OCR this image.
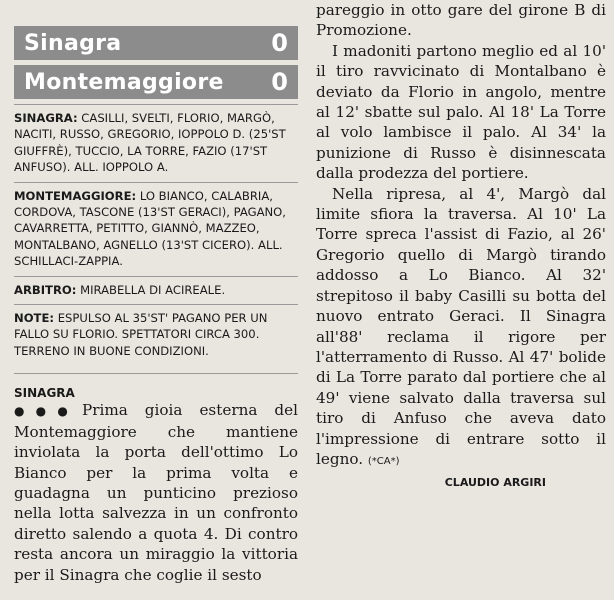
Sinagra	0
Montemaggiore 0
SINAGRA: CASILLI, SVELTI, FLORIO, MARGÒ, NACITI, RUSSO, GREGORIO, IOPPOLO D. (25'ST GIUFFRÈ), TUCCIO, LA TORRE, FAZIO (17'ST ANFUSO). ALL. IOPPOLO A.
MONTEMAGGIORE: LO BIANCO, CALABRIA, CORDOVA, TASCONE (13'ST GERACI), PAGANO, CAVARRETTA, PETITTO, GIANNÒ, MAZZEO, MONTALBANO, AGNELLO (13'ST CICERO). ALL. SCHILLACI-ZAPPIA.
ARBITRO: MIRABELLA DI ACIREALE.
NOTE: ESPULSO AL 35'ST' PAGANO PER UN FALLO SU FLORIO. SPETTATORI CIRCA 300. TERRENO IN BUONE CONDIZIONI.
SINAGRA

●●● Prima gioia esterna del Montemaggiore che mantiene inviolata la porta dell'ottimo Lo Bianco per la prima volta e guadagna un punticino prezioso nella lotta salvezza in un confronto diretto salendo a quota 4. Di contro resta ancora un miraggio la vittoria per il Sinagra che coglie il sesto

pareggio in otto gare del girone B di Promozione.

I madoniti partono meglio ed al 10' il tiro ravvicinato di Montalbano è deviato da Florio in angolo, mentre al 12' sbatte sul palo. Al 18' La Torre al volo lambisce il palo. Al 34' la punizione di Russo è disinnescata dalla prodezza del portiere.

Nella ripresa, al 4', Margò dal limite sfiora la traversa. Al 10' La Torre spreca l'assist di Fazio, al 26' Gregorio quello di Margò tirando addosso a Lo Bianco. Al 32' strepitoso il baby Casilli su botta del nuovo entrato Geraci. Il Sinagra all'88' reclama il rigore per l'atterramento di Russo. Al 47' bolide di La Torre parato dal portiere che al 49' viene salvato dalla traversa sul tiro di Anfuso che aveva dato l'impressione di entrare sotto il legno. (*CA*)

CLAUDIO ARGIRI
